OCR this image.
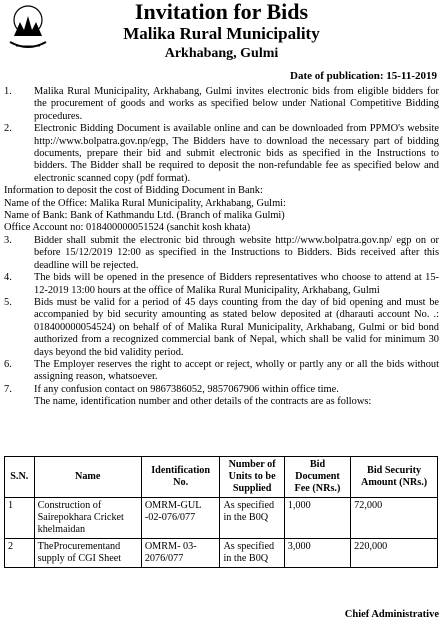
Invitation for Bids
Malika Rural Municipality
Arkhabang, Gulmi
Date of publication: 15-11-2019
1.	Malika Rural Municipality, Arkhabang, Gulmi invites electronic bids from eligible bidders for the procurement of goods and works as specified below under National Competitive Bidding procedures.
2.	Electronic Bidding Document is available online and can be downloaded from PPMO's website http://www.bolpatra.gov.np/egp, The Bidders have to download the necessary part of bidding documents, prepare their bid and submit electronic bids as specified in the Instructions to bidders. The Bidder shall be required to deposit the non-refundable fee as specified below and electronic scanned copy (pdf format).
Information to deposit the cost of Bidding Document in Bank:
Name of the Office: Malika Rural Municipality, Arkhabang, Gulmi:
Name of Bank: Bank of Kathmandu Ltd. (Branch of malika Gulmi)
Office Account no: 018400000051524 (sanchit kosh khata)
3.	Bidder shall submit the electronic bid through website http://www.bolpatra.gov.np/ egp on or before 15/12/2019 12:00 as specified in the Instructions to Bidders. Bids received after this deadline will be rejected.
4.	The bids will be opened in the presence of Bidders representatives who choose to attend at 15-12-2019 13:00 hours at the office of Malika Rural Municipality, Arkhabang, Gulmi
5.	Bids must be valid for a period of 45 days counting from the day of bid opening and must be accompanied by bid security amounting as stated below deposited at (dharauti account No. .: 018400000054524) on behalf of of Malika Rural Municipality, Arkhabang, Gulmi or bid bond authorized from a recognized commercial bank of Nepal, which shall be valid for minimum 30 days beyond the bid validity period.
6.	The Employer reserves the right to accept or reject, wholly or partly any or all the bids without assigning reason, whatsoever.
7.	If any confusion contact on 9867386052, 9857067906 within office time.
The name, identification number and other details of the contracts are as follows:
S.N.	Name	Identification No.	Number of Units to be Supplied	Bid Document Fee (NRs.)	Bid Security Amount (NRs.)
1	Construction of Sairepokhara Cricket khelmaidan	OMRM-GUL -02-076/077	As specified in the B0Q	1,000	72,000
2	TheProcurementand supply of CGI Sheet	OMRM- 03-2076/077	As specified in the B0Q	3,000	220,000
Chief Administrative
